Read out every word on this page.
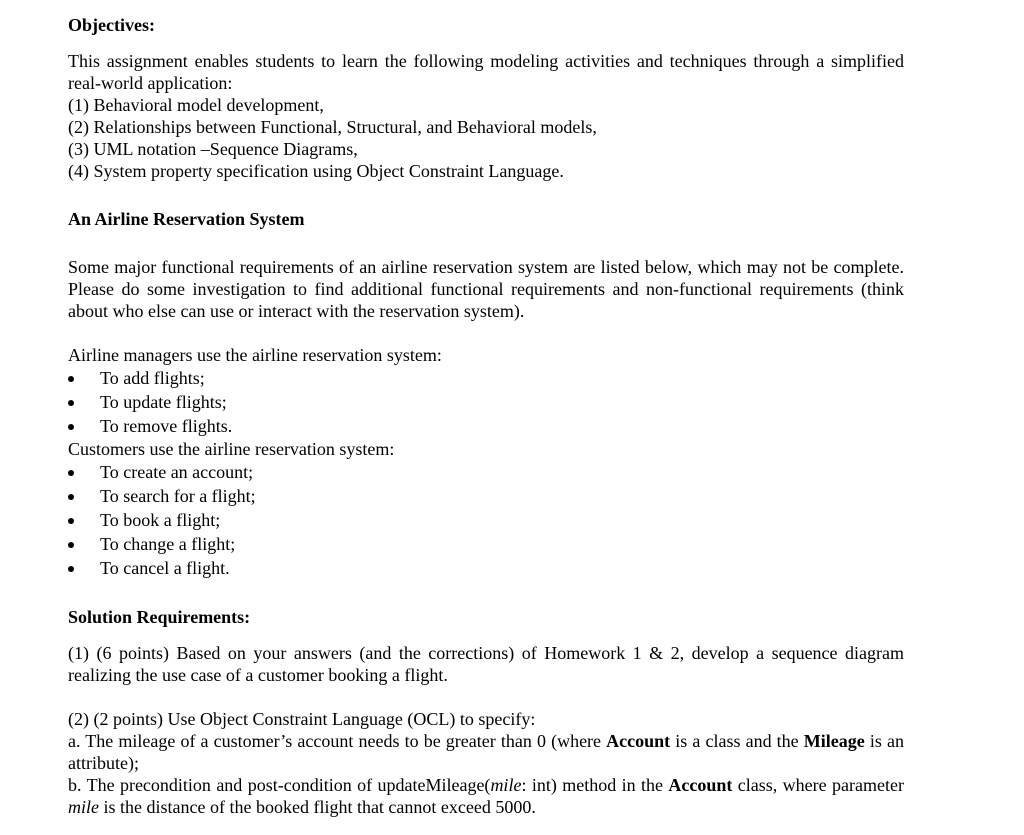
Objectives:

This assignment enables students to learn the following modeling activities and techniques through a simplified real-world application:

(1) Behavioral model development,
(2) Relationships between Functional, Structural, and Behavioral models,
(3) UML notation –Sequence Diagrams,
(4) System property specification using Object Constraint Language.

An Airline Reservation System

Some major functional requirements of an airline reservation system are listed below, which may not be complete. Please do some investigation to find additional functional requirements and non-functional requirements (think about who else can use or interact with the reservation system).

Airline managers use the airline reservation system:
To add flights;
To update flights;
To remove flights.
Customers use the airline reservation system:
To create an account;
To search for a flight;
To book a flight;
To change a flight;
To cancel a flight.

Solution Requirements:

(1) (6 points) Based on your answers (and the corrections) of Homework 1 & 2, develop a sequence diagram realizing the use case of a customer booking a flight.

(2) (2 points) Use Object Constraint Language (OCL) to specify:

a. The mileage of a customer’s account needs to be greater than 0 (where Account is a class and the Mileage is an attribute);

b. The precondition and post-condition of updateMileage(mile: int) method in the Account class, where parameter mile is the distance of the booked flight that cannot exceed 5000.
